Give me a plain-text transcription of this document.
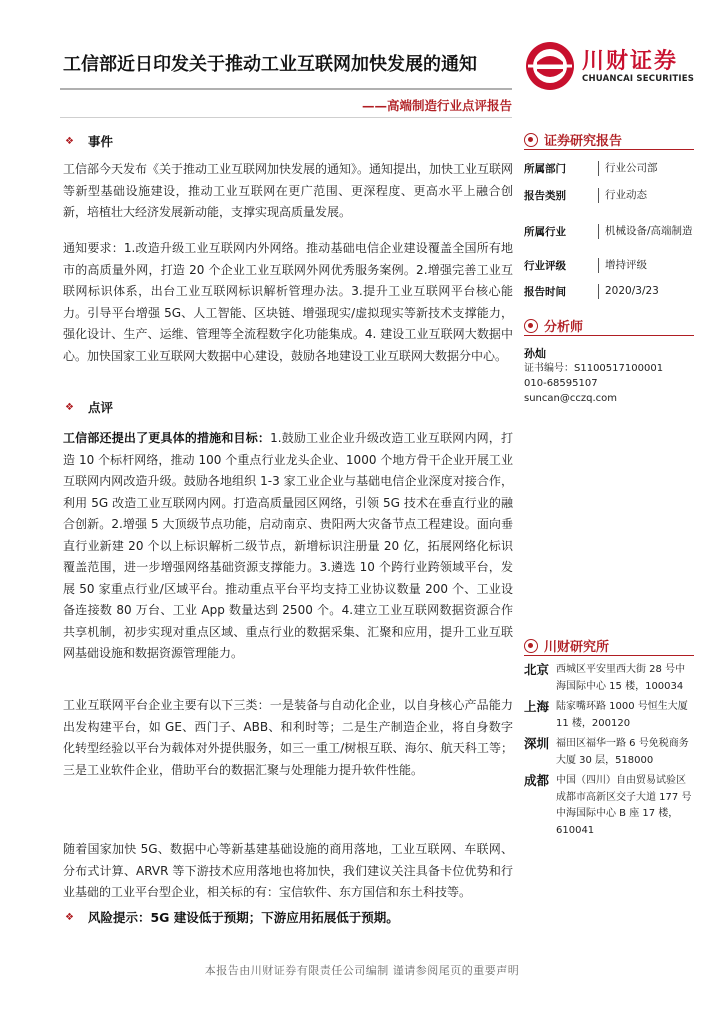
工信部近日印发关于推动工业互联网加快发展的通知
——高端制造行业点评报告
川财证券
CHUANCAI SECURITIES
❖ 事件

工信部今天发布《关于推动工业互联网加快发展的通知》。通知提出，加快工业互联网等新型基础设施建设，推动工业互联网在更广范围、更深程度、更高水平上融合创新，培植壮大经济发展新动能，支撑实现高质量发展。

通知要求：1.改造升级工业互联网内外网络。推动基础电信企业建设覆盖全国所有地市的高质量外网，打造 20 个企业工业互联网外网优秀服务案例。2.增强完善工业互联网标识体系，出台工业互联网标识解析管理办法。3.提升工业互联网平台核心能力。引导平台增强 5G、人工智能、区块链、增强现实/虚拟现实等新技术支撑能力，强化设计、生产、运维、管理等全流程数字化功能集成。4. 建设工业互联网大数据中心。加快国家工业互联网大数据中心建设，鼓励各地建设工业互联网大数据分中心。

❖ 点评

工信部还提出了更具体的措施和目标：1.鼓励工业企业升级改造工业互联网内网，打造 10 个标杆网络，推动 100 个重点行业龙头企业、1000 个地方骨干企业开展工业互联网内网改造升级。鼓励各地组织 1-3 家工业企业与基础电信企业深度对接合作，利用 5G 改造工业互联网内网。打造高质量园区网络，引领 5G 技术在垂直行业的融合创新。2.增强 5 大顶级节点功能，启动南京、贵阳两大灾备节点工程建设。面向垂直行业新建 20 个以上标识解析二级节点，新增标识注册量 20 亿，拓展网络化标识覆盖范围，进一步增强网络基础资源支撑能力。3.遴选 10 个跨行业跨领域平台，发展 50 家重点行业/区域平台。推动重点平台平均支持工业协议数量 200 个、工业设备连接数 80 万台、工业 App 数量达到 2500 个。4.建立工业互联网数据资源合作共享机制，初步实现对重点区域、重点行业的数据采集、汇聚和应用，提升工业互联网基础设施和数据资源管理能力。

工业互联网平台企业主要有以下三类：一是装备与自动化企业，以自身核心产品能力出发构建平台，如 GE、西门子、ABB、和利时等；二是生产制造企业，将自身数字化转型经验以平台为载体对外提供服务，如三一重工/树根互联、海尔、航天科工等；三是工业软件企业，借助平台的数据汇聚与处理能力提升软件性能。

随着国家加快 5G、数据中心等新基建基础设施的商用落地，工业互联网、车联网、分布式计算、ARVR 等下游技术应用落地也将加快，我们建议关注具备卡位优势和行业基础的工业平台型企业，相关标的有：宝信软件、东方国信和东土科技等。

❖ 风险提示：5G 建设低于预期；下游应用拓展低于预期。
证券研究报告
所属部门	行业公司部
报告类别	行业动态
所属行业	机械设备/高端制造
行业评级	增持评级
报告时间	2020/3/23
分析师
孙灿
证书编号：S1100517100001
010-68595107
suncan@cczq.com
川财研究所
北京 西城区平安里西大街 28 号中海国际中心 15 楼，100034
上海 陆家嘴环路 1000 号恒生大厦 11 楼，200120
深圳 福田区福华一路 6 号免税商务大厦 30 层，518000
成都 中国（四川）自由贸易试验区成都市高新区交子大道 177 号中海国际中心 B 座 17 楼，610041
本报告由川财证券有限责任公司编制 谨请参阅尾页的重要声明
